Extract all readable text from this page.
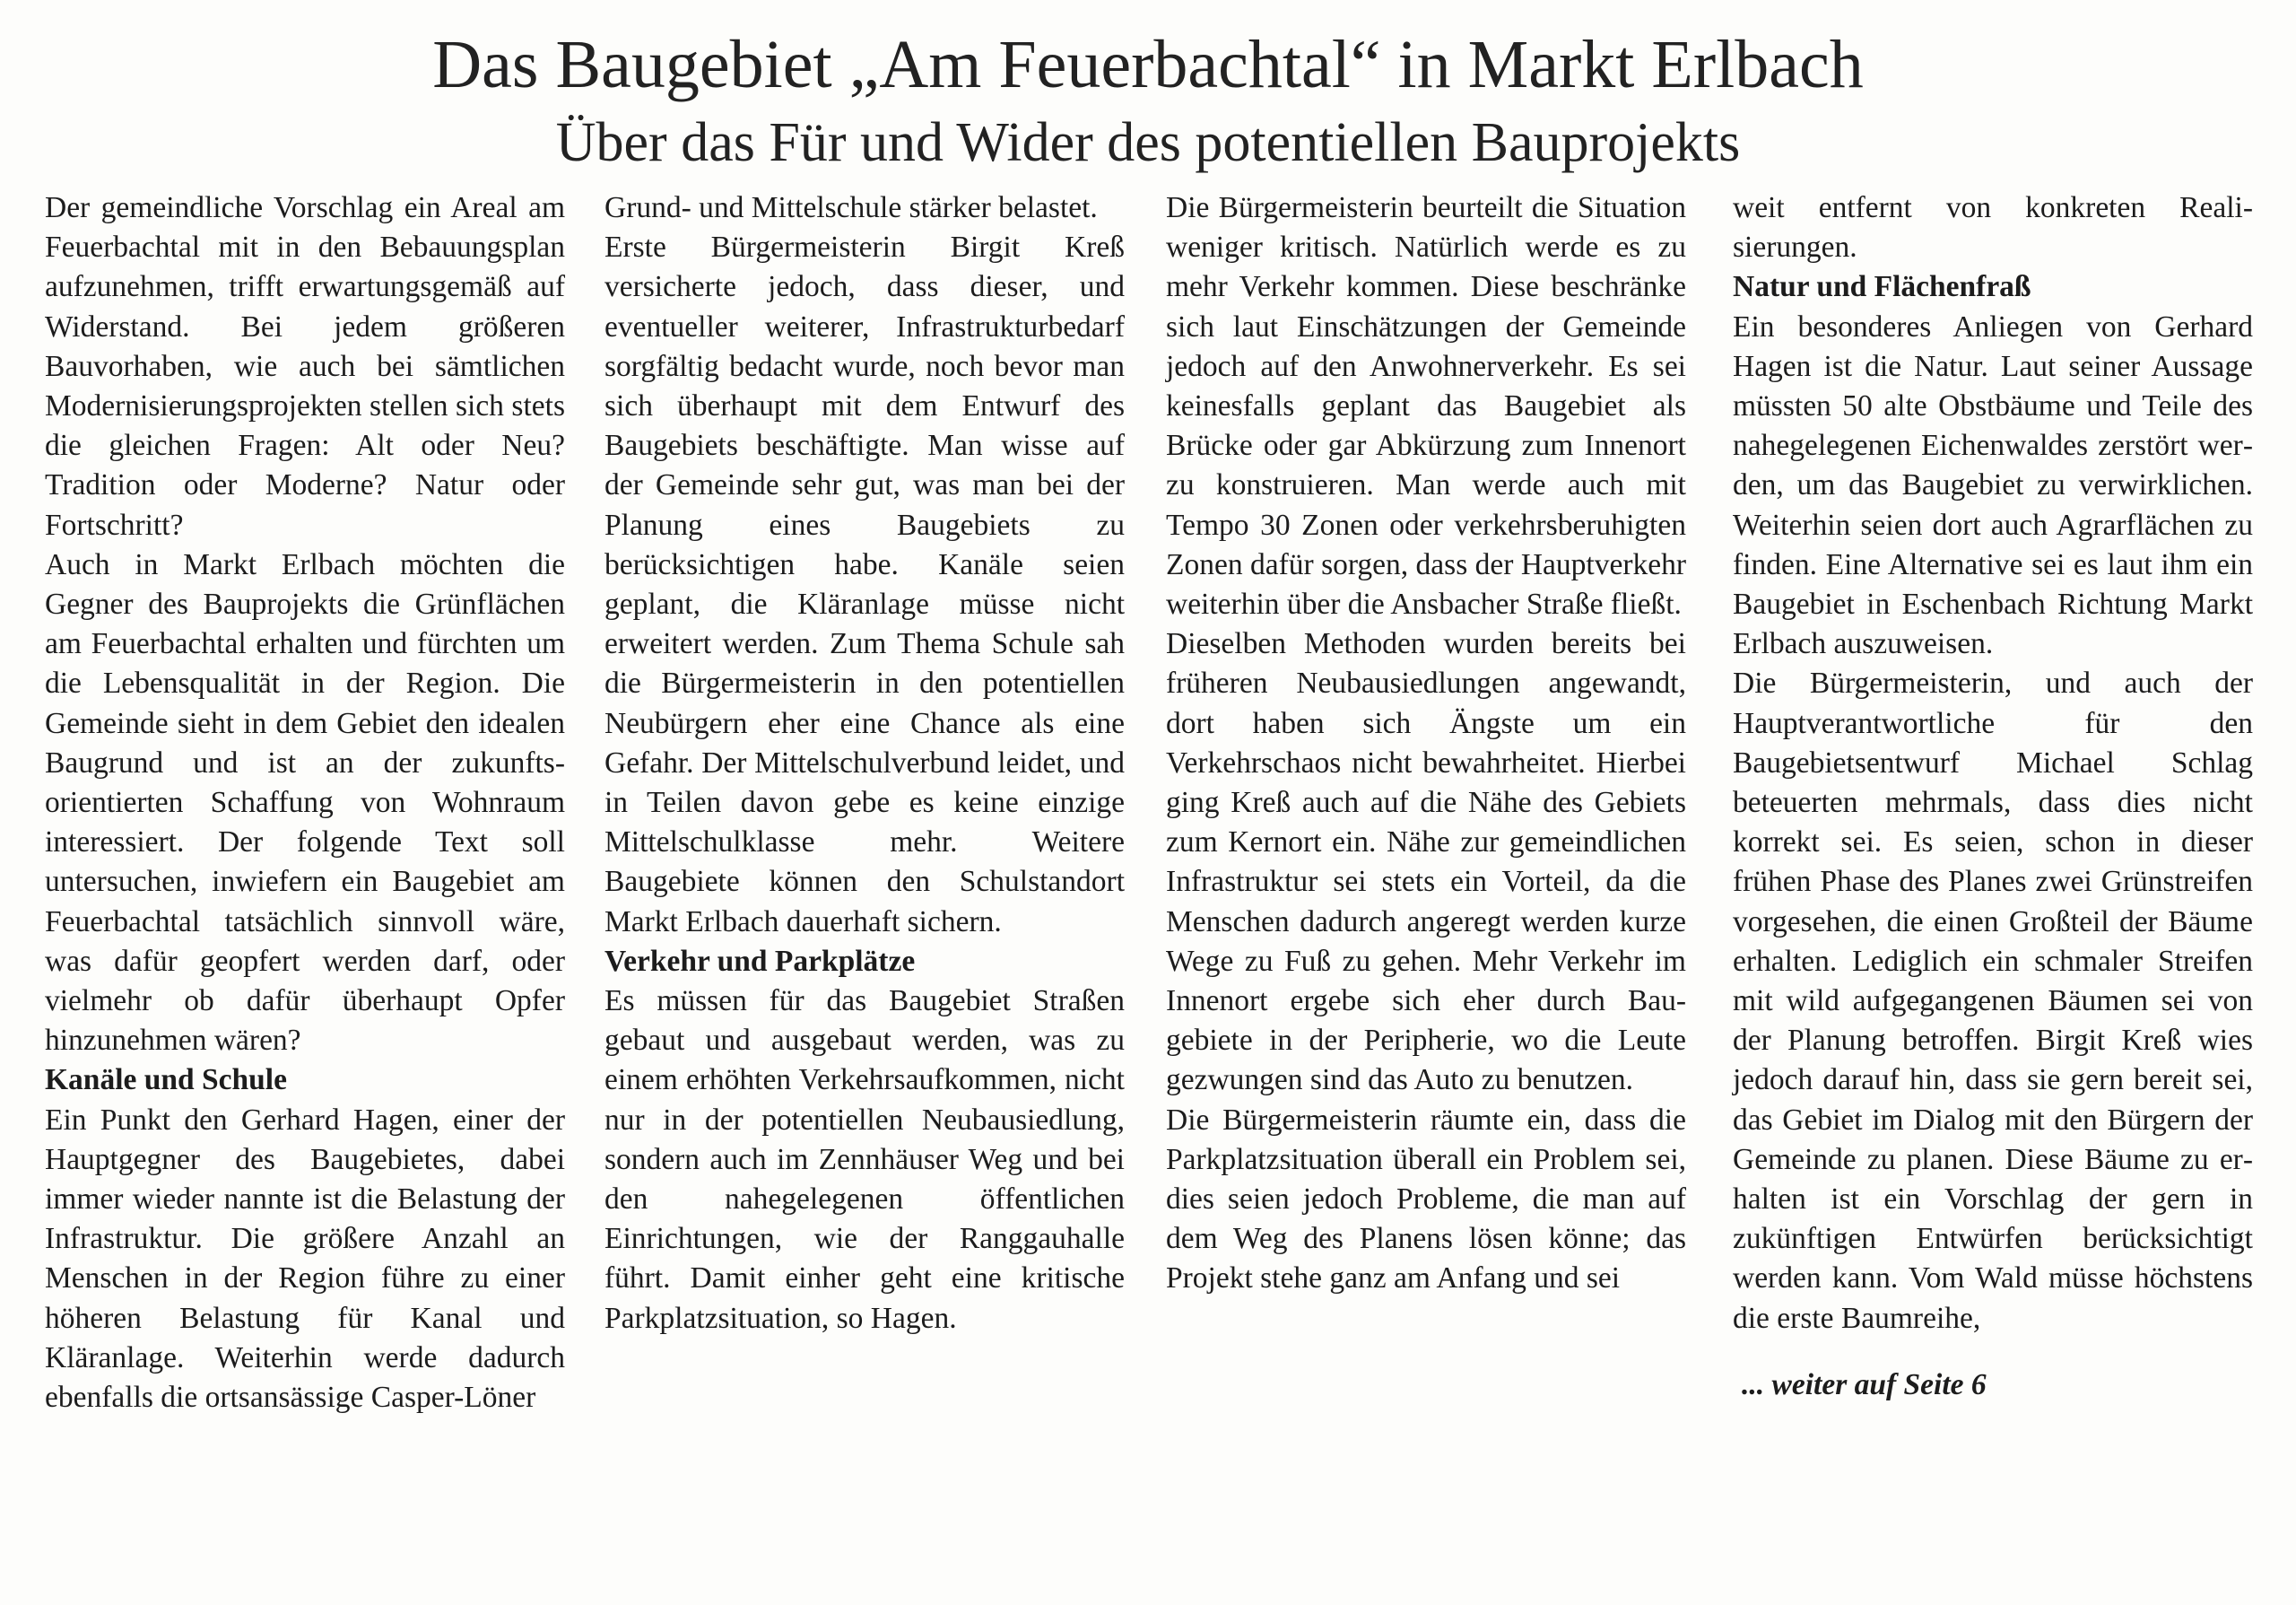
Das Baugebiet „Am Feuerbachtal“ in Markt Erlbach
Über das Für und Wider des potentiellen Bauprojekts

Der gemeindliche Vorschlag ein Areal am Feuerbachtal mit in den Bebauungsplan aufzunehmen, trifft erwartungsgemäß auf Widerstand. Bei jedem größeren Bauvorhaben, wie auch bei sämtlichen Modernisierungsprojekten stellen sich stets die gleichen Fragen: Alt oder Neu? Tradition oder Moderne? Natur oder Fortschritt?

Auch in Markt Erlbach möchten die Gegner des Bauprojekts die Grünflächen am Feuerbachtal erhalten und fürchten um die Lebensqualität in der Region. Die Gemeinde sieht in dem Gebiet den idealen Baugrund und ist an der zukunftsorientierten Schaffung von Wohnraum interessiert. Der folgende Text soll untersuchen, inwiefern ein Baugebiet am Feuerbachtal tatsächlich sinnvoll wäre, was dafür geopfert werden darf, oder vielmehr ob dafür überhaupt Opfer hinzunehmen wären?

Kanäle und Schule

Ein Punkt den Gerhard Hagen, einer der Hauptgegner des Baugebietes, dabei immer wieder nannte ist die Belastung der Infrastruktur. Die größere Anzahl an Menschen in der Region führe zu einer höheren Belastung für Kanal und Kläranlage. Weiterhin werde dadurch ebenfalls die ortsansässige Casper-Löner

Grund- und Mittelschule stärker belastet.

Erste Bürgermeisterin Birgit Kreß versicherte jedoch, dass dieser, und eventueller weiterer, Infrastrukturbedarf sorgfältig bedacht wurde, noch bevor man sich überhaupt mit dem Entwurf des Baugebiets beschäftigte. Man wisse auf der Gemeinde sehr gut, was man bei der Planung eines Baugebiets zu berücksichtigen habe. Kanäle seien geplant, die Kläranlage müsse nicht erweitert werden. Zum Thema Schule sah die Bürgermeisterin in den potentiellen Neubürgern eher eine Chance als eine Gefahr. Der Mittelschulverbund leidet, und in Teilen davon gebe es keine einzige Mittelschulklasse mehr. Weitere Baugebiete können den Schulstandort Markt Erlbach dauerhaft sichern.

Verkehr und Parkplätze

Es müssen für das Baugebiet Straßen gebaut und ausgebaut werden, was zu einem erhöhten Verkehrsaufkommen, nicht nur in der potentiellen Neubausiedlung, sondern auch im Zennhäuser Weg und bei den nahegelegenen öffentlichen Einrichtungen, wie der Ranggauhalle führt. Damit einher geht eine kritische Parkplatzsituation, so Hagen.

Die Bürgermeisterin beurteilt die Situation weniger kritisch. Natürlich werde es zu mehr Verkehr kommen. Diese beschränke sich laut Einschätzungen der Gemeinde jedoch auf den Anwohnerverkehr. Es sei keinesfalls geplant das Baugebiet als Brücke oder gar Abkürzung zum Innenort zu konstruieren. Man werde auch mit Tempo 30 Zonen oder verkehrsberuhigten Zonen dafür sorgen, dass der Hauptverkehr weiterhin über die Ansbacher Straße fließt.

Dieselben Methoden wurden bereits bei früheren Neubausiedlungen angewandt, dort haben sich Ängste um ein Verkehrschaos nicht bewahrheitet. Hierbei ging Kreß auch auf die Nähe des Gebiets zum Kernort ein. Nähe zur gemeindlichen Infrastruktur sei stets ein Vorteil, da die Menschen dadurch angeregt werden kurze Wege zu Fuß zu gehen. Mehr Verkehr im Innenort ergebe sich eher durch Baugebiete in der Peripherie, wo die Leute gezwungen sind das Auto zu benutzen.

Die Bürgermeisterin räumte ein, dass die Parkplatzsituation überall ein Problem sei, dies seien jedoch Probleme, die man auf dem Weg des Planens lösen könne; das Projekt stehe ganz am Anfang und sei

weit entfernt von konkreten Realisierungen.

Natur und Flächenfraß

Ein besonderes Anliegen von Gerhard Hagen ist die Natur. Laut seiner Aussage müssten 50 alte Obstbäume und Teile des nahegelegenen Eichenwaldes zerstört werden, um das Baugebiet zu verwirklichen. Weiterhin seien dort auch Agrarflächen zu finden. Eine Alternative sei es laut ihm ein Baugebiet in Eschenbach Richtung Markt Erlbach auszuweisen.

Die Bürgermeisterin, und auch der Hauptverantwortliche für den Baugebietsentwurf Michael Schlag beteuerten mehrmals, dass dies nicht korrekt sei. Es seien, schon in dieser frühen Phase des Planes zwei Grünstreifen vorgesehen, die einen Großteil der Bäume erhalten. Lediglich ein schmaler Streifen mit wild aufgegangenen Bäumen sei von der Planung betroffen. Birgit Kreß wies jedoch darauf hin, dass sie gern bereit sei, das Gebiet im Dialog mit den Bürgern der Gemeinde zu planen. Diese Bäume zu erhalten ist ein Vorschlag der gern in zukünftigen Entwürfen berücksichtigt werden kann. Vom Wald müsse höchstens die erste Baumreihe,

... weiter auf Seite 6
